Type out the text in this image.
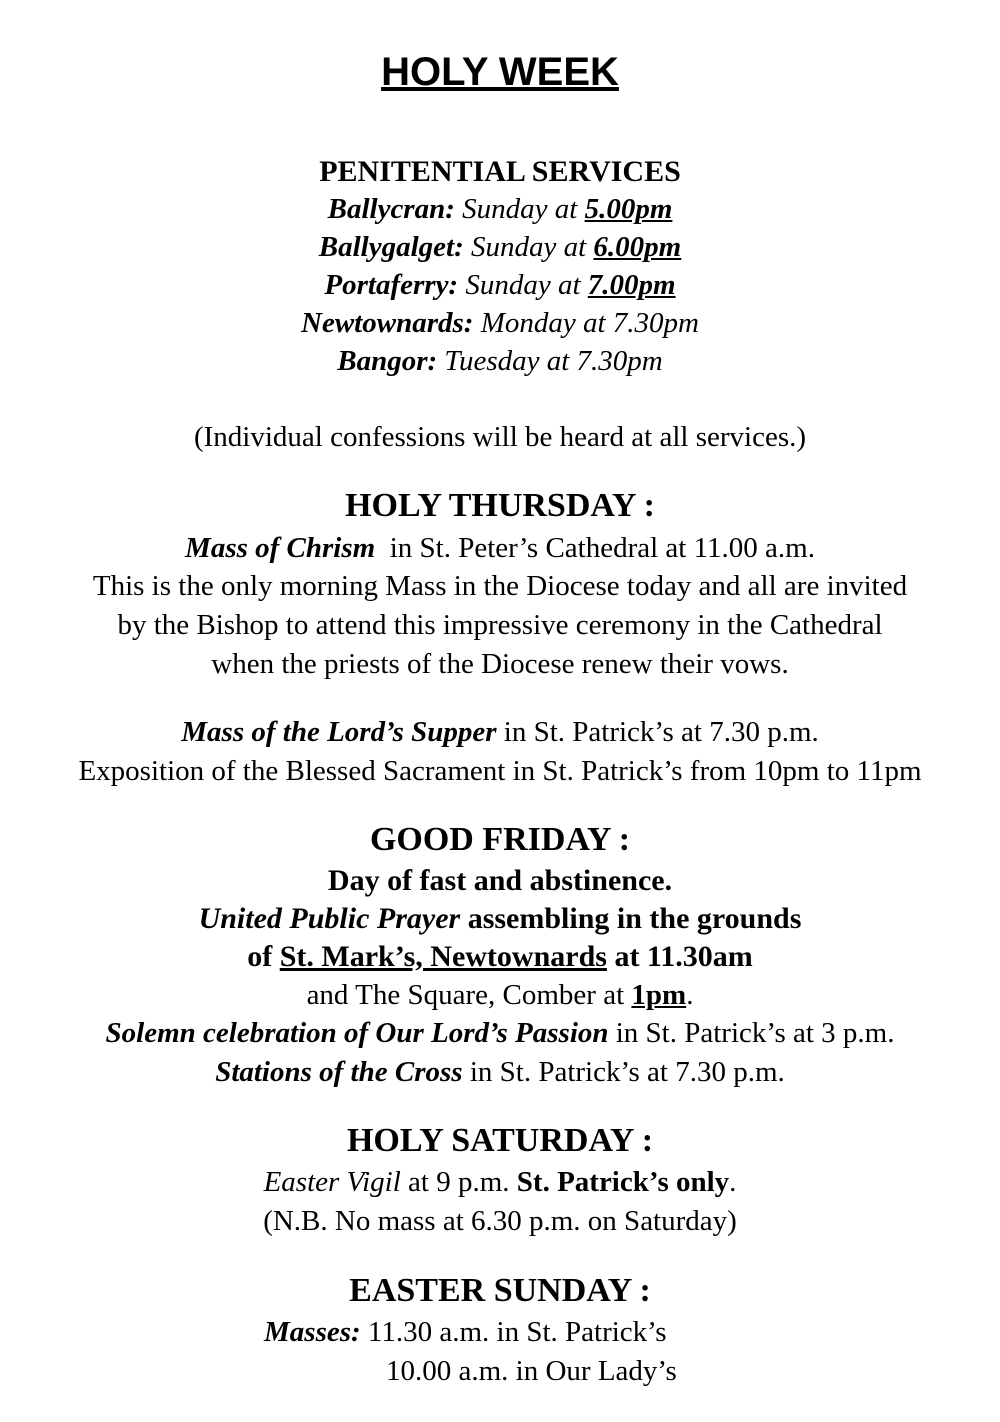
HOLY WEEK
PENITENTIAL SERVICES
Ballycran: Sunday at 5.00pm
Ballygalget: Sunday at 6.00pm
Portaferry: Sunday at 7.00pm
Newtownards: Monday at 7.30pm
Bangor: Tuesday at 7.30pm
(Individual confessions will be heard at all services.)
HOLY THURSDAY :
Mass of Chrism in St. Peter’s Cathedral at 11.00 a.m.
This is the only morning Mass in the Diocese today and all are invited
by the Bishop to attend this impressive ceremony in the Cathedral
when the priests of the Diocese renew their vows.
Mass of the Lord’s Supper in St. Patrick’s at 7.30 p.m.
Exposition of the Blessed Sacrament in St. Patrick’s from 10pm to 11pm
GOOD FRIDAY :
Day of fast and abstinence.
United Public Prayer assembling in the grounds
of St. Mark’s, Newtownards at 11.30am
and The Square, Comber at 1pm.
Solemn celebration of Our Lord’s Passion in St. Patrick’s at 3 p.m.
Stations of the Cross in St. Patrick’s at 7.30 p.m.
HOLY SATURDAY :
Easter Vigil at 9 p.m. St. Patrick’s only.
(N.B. No mass at 6.30 p.m. on Saturday)
EASTER SUNDAY :
Masses: 11.30 a.m. in St. Patrick’s
10.00 a.m. in Our Lady’s
